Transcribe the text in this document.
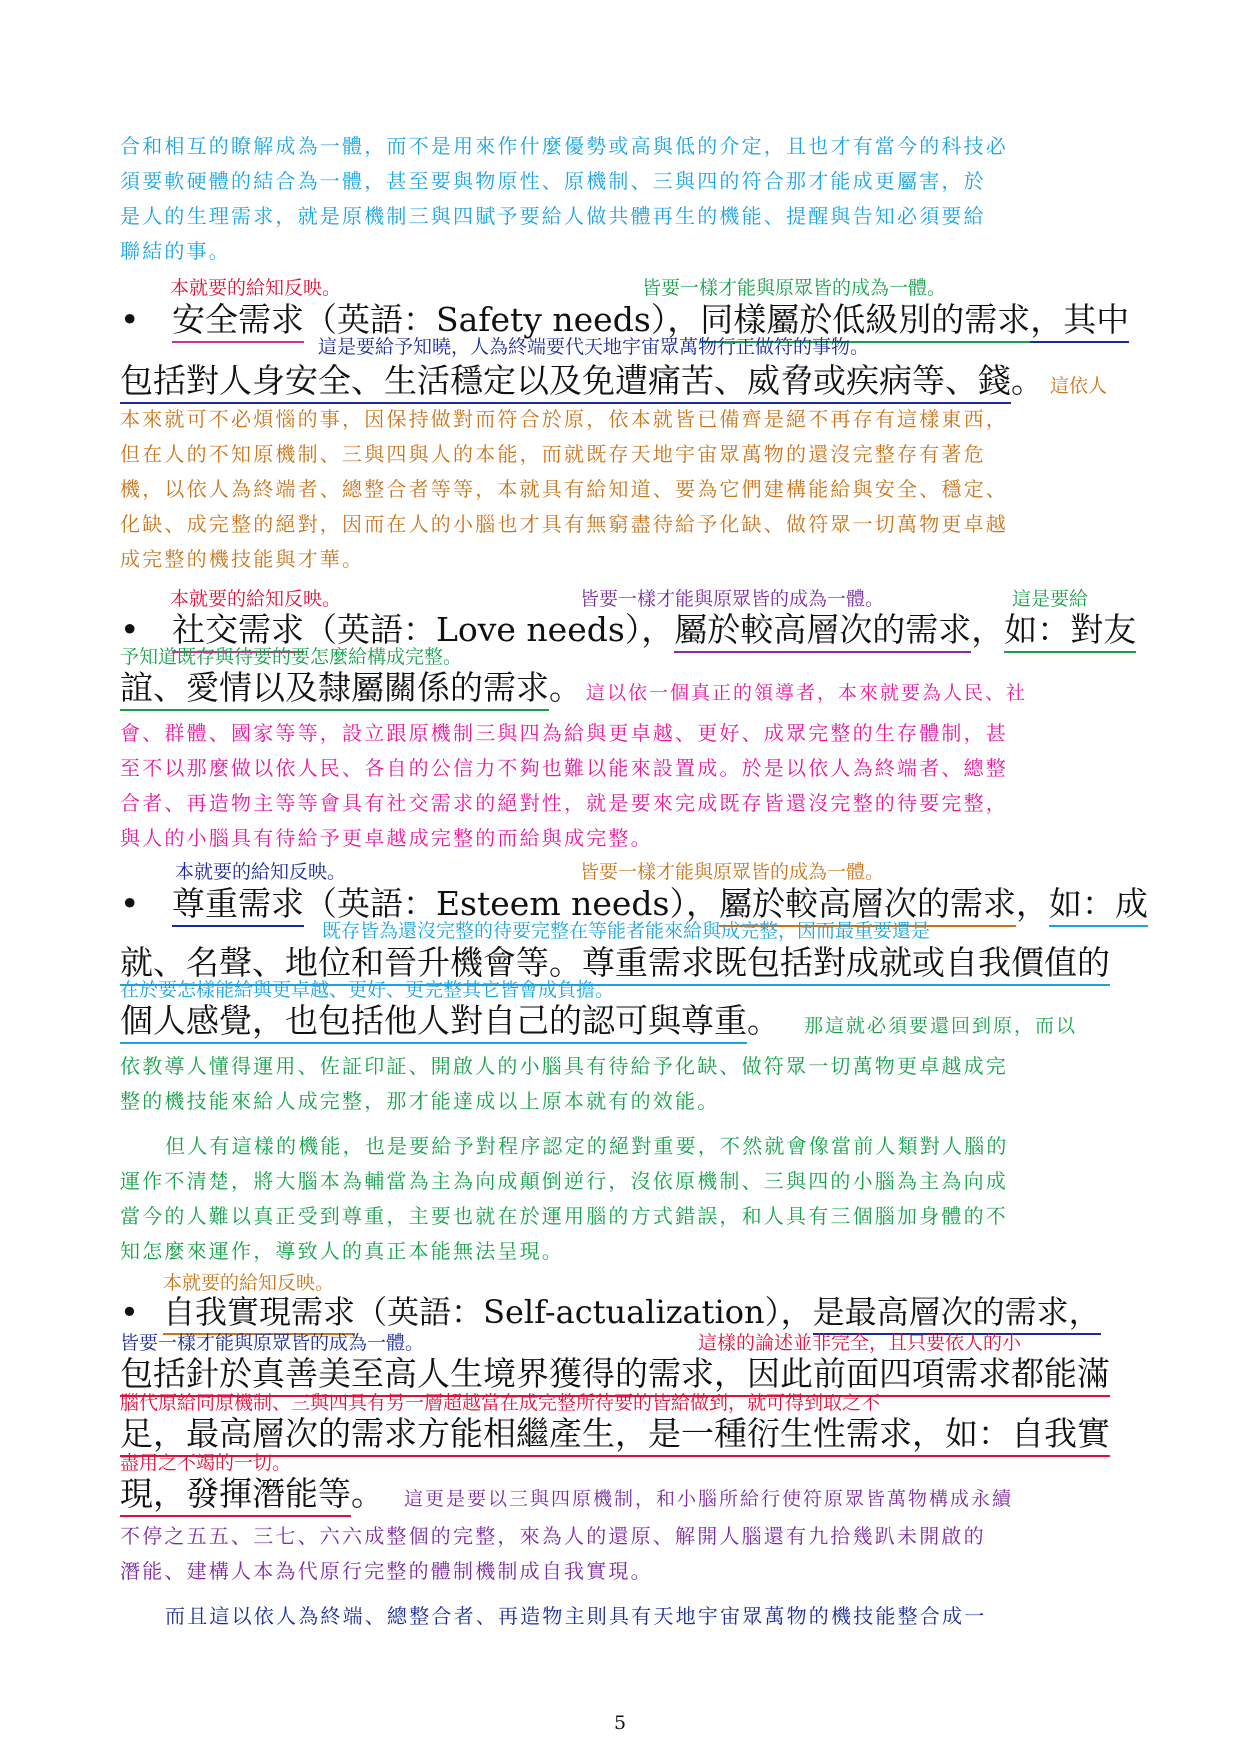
合和相互的瞭解成為一體，而不是用來作什麼優勢或高與低的介定，且也才有當今的科技必
須要軟硬體的結合為一體，甚至要與物原性、原機制、三與四的符合那才能成更屬害，於
是人的生理需求，就是原機制三與四賦予要給人做共體再生的機能、提醒與告知必須要給
聯結的事。
本就要的給知反映。	皆要一樣才能與原眾皆的成為一體。
• 安全需求（英語：Safety needs），同樣屬於低級別的需求，其中
這是要給予知曉，人為終端要代天地宇宙眾萬物行正做符的事物。
包括對人身安全、生活穩定以及免遭痛苦、威脅或疾病等、錢。 這依人
本來就可不必煩惱的事，因保持做對而符合於原，依本就皆已備齊是絕不再存有這樣東西，
但在人的不知原機制、三與四與人的本能，而就既存天地宇宙眾萬物的還沒完整存有著危
機，以依人為終端者、總整合者等等，本就具有給知道、要為它們建構能給與安全、穩定、
化缺、成完整的絕對，因而在人的小腦也才具有無窮盡待給予化缺、做符眾一切萬物更卓越
成完整的機技能與才華。
本就要的給知反映。	皆要一樣才能與原眾皆的成為一體。	這是要給
• 社交需求（英語：Love needs），屬於較高層次的需求，如：對友
予知道既存與待要的要怎麼給構成完整。
誼、愛情以及隸屬關係的需求。 這以依一個真正的領導者，本來就要為人民、社
會、群體、國家等等，設立跟原機制三與四為給與更卓越、更好、成眾完整的生存體制，甚
至不以那麼做以依人民、各自的公信力不夠也難以能來設置成。於是以依人為終端者、總整
合者、再造物主等等會具有社交需求的絕對性，就是要來完成既存皆還沒完整的待要完整，
與人的小腦具有待給予更卓越成完整的而給與成完整。
本就要的給知反映。	皆要一樣才能與原眾皆的成為一體。
• 尊重需求（英語：Esteem needs），屬於較高層次的需求，如：成
既存皆為還沒完整的待要完整在等能者能來給與成完整，因而最重要還是
就、名聲、地位和晉升機會等。尊重需求既包括對成就或自我價值的
在於要怎樣能給與更卓越、更好、更完整其它皆會成負擔。
個人感覺，也包括他人對自己的認可與尊重。 那這就必須要還回到原，而以
依教導人懂得運用、佐証印証、開啟人的小腦具有待給予化缺、做符眾一切萬物更卓越成完
整的機技能來給人成完整，那才能達成以上原本就有的效能。
但人有這樣的機能，也是要給予對程序認定的絕對重要，不然就會像當前人類對人腦的
運作不清楚，將大腦本為輔當為主為向成顛倒逆行，沒依原機制、三與四的小腦為主為向成
當今的人難以真正受到尊重，主要也就在於運用腦的方式錯誤，和人具有三個腦加身體的不
知怎麼來運作，導致人的真正本能無法呈現。
本就要的給知反映。
• 自我實現需求（英語：Self-actualization），是最高層次的需求，
皆要一樣才能與原眾皆的成為一體。	這樣的論述並非完全，且只要依人的小
包括針於真善美至高人生境界獲得的需求，因此前面四項需求都能滿
腦代原給同原機制、三與四具有另一層超越當在成完整所待要的皆給做到，就可得到取之不
足，最高層次的需求方能相繼產生，是一種衍生性需求，如：自我實
盡用之不竭的一切。
現，發揮潛能等。 這更是要以三與四原機制，和小腦所給行使符原眾皆萬物構成永續
不停之五五、三七、六六成整個的完整，來為人的還原、解開人腦還有九拾幾趴未開啟的
潛能、建構人本為代原行完整的體制機制成自我實現。
而且這以依人為終端、總整合者、再造物主則具有天地宇宙眾萬物的機技能整合成一
5
